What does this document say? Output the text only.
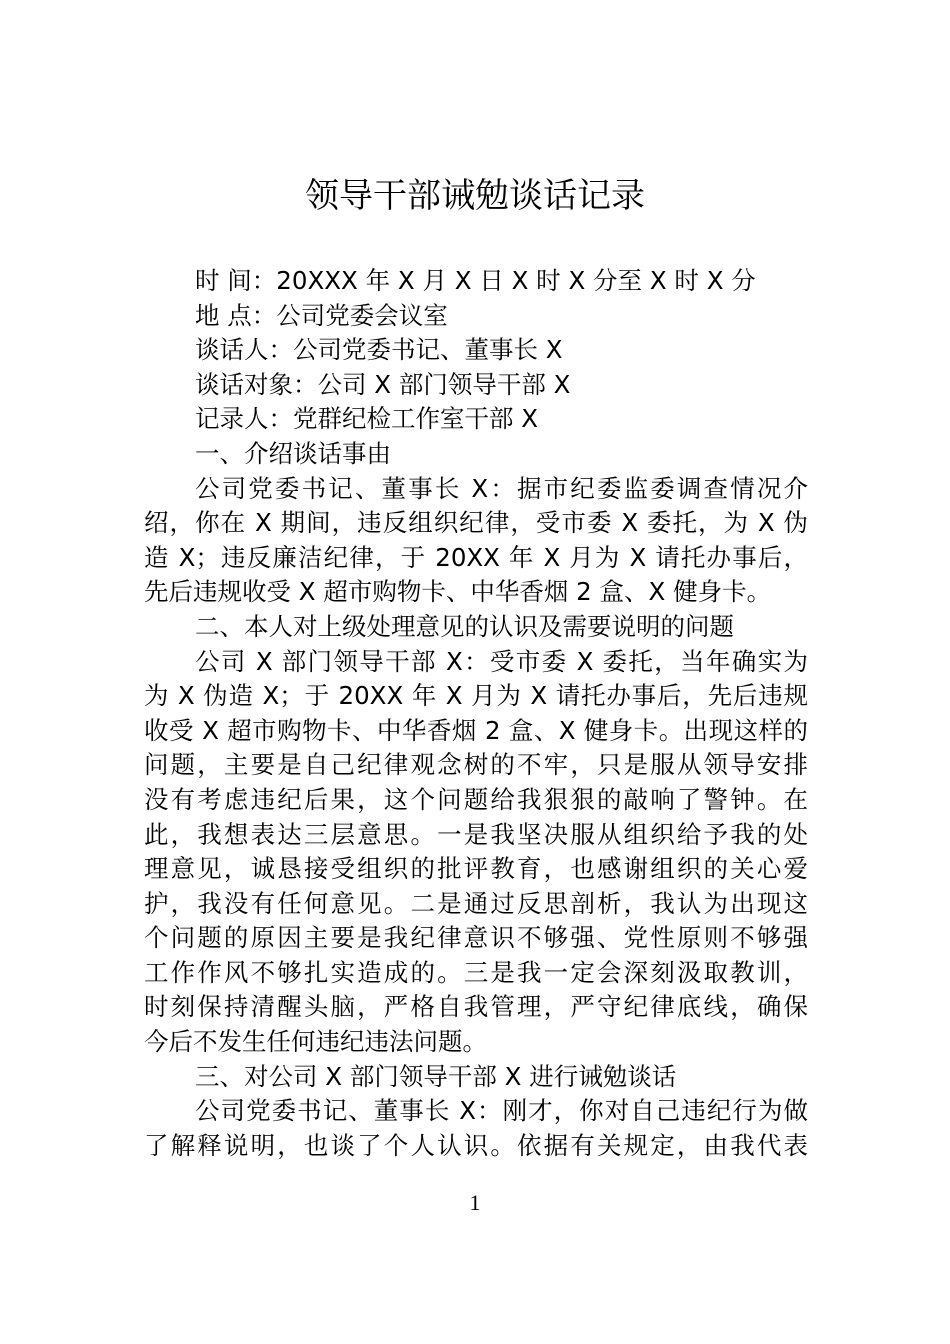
领导干部诫勉谈话记录
时 间：20XXX 年 X 月 X 日 X 时 X 分至 X 时 X 分
地 点：公司党委会议室
谈话人：公司党委书记、董事长 X
谈话对象：公司 X 部门领导干部 X
记录人：党群纪检工作室干部 X
一、介绍谈话事由
公司党委书记、董事长 X：据市纪委监委调查情况介
绍，你在 X 期间，违反组织纪律，受市委 X 委托，为 X 伪
造 X；违反廉洁纪律，于 20XX 年 X 月为 X 请托办事后，
先后违规收受 X 超市购物卡、中华香烟 2 盒、X 健身卡。
二、本人对上级处理意见的认识及需要说明的问题
公司 X 部门领导干部 X：受市委 X 委托，当年确实为
为 X 伪造 X；于 20XX 年 X 月为 X 请托办事后，先后违规
收受 X 超市购物卡、中华香烟 2 盒、X 健身卡。出现这样的
问题，主要是自己纪律观念树的不牢，只是服从领导安排
没有考虑违纪后果，这个问题给我狠狠的敲响了警钟。在
此，我想表达三层意思。一是我坚决服从组织给予我的处
理意见，诚恳接受组织的批评教育，也感谢组织的关心爱
护，我没有任何意见。二是通过反思剖析，我认为出现这
个问题的原因主要是我纪律意识不够强、党性原则不够强
工作作风不够扎实造成的。三是我一定会深刻汲取教训，
时刻保持清醒头脑，严格自我管理，严守纪律底线，确保
今后不发生任何违纪违法问题。
三、对公司 X 部门领导干部 X 进行诫勉谈话
公司党委书记、董事长 X：刚才，你对自己违纪行为做
了解释说明，也谈了个人认识。依据有关规定，由我代表
1
